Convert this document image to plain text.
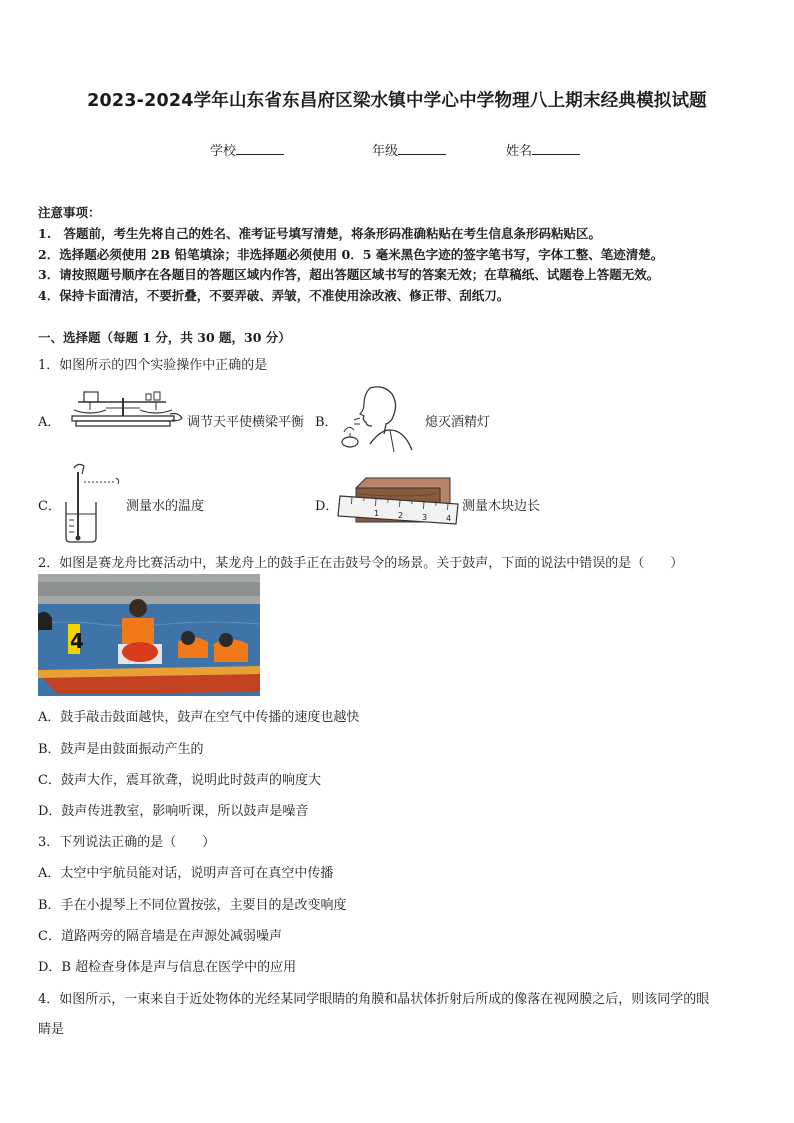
2023-2024学年山东省东昌府区梁水镇中学心中学物理八上期末经典模拟试题
学校	年级	姓名
注意事项：
1.　答题前，考生先将自己的姓名、准考证号填写清楚，将条形码准确粘贴在考生信息条形码粘贴区。
2．选择题必须使用 2B 铅笔填涂；非选择题必须使用 0．5 毫米黑色字迹的签字笔书写，字体工整、笔迹清楚。
3．请按照题号顺序在各题目的答题区域内作答，超出答题区域书写的答案无效；在草稿纸、试题卷上答题无效。
4．保持卡面清洁，不要折叠，不要弄破、弄皱，不准使用涂改液、修正带、刮纸刀。
一、选择题（每题 1 分，共 30 题，30 分）
1．如图所示的四个实验操作中正确的是
A．	调节天平使横梁平衡 B．	熄灭酒精灯
C．	测量水的温度	D．	1 2 3 4
测量木块边长
2．如图是赛龙舟比赛活动中，某龙舟上的鼓手正在击鼓号令的场景。关于鼓声，下面的说法中错误的是（　　）
4
A．鼓手敲击鼓面越快，鼓声在空气中传播的速度也越快
B．鼓声是由鼓面振动产生的
C．鼓声大作，震耳欲聋，说明此时鼓声的响度大
D．鼓声传进教室，影响听课，所以鼓声是噪音
3．下列说法正确的是（　　）
A．太空中宇航员能对话，说明声音可在真空中传播
B．手在小提琴上不同位置按弦，主要目的是改变响度
C．道路两旁的隔音墙是在声源处减弱噪声
D．B 超检查身体是声与信息在医学中的应用
4．如图所示，一束来自于近处物体的光经某同学眼睛的角膜和晶状体折射后所成的像落在视网膜之后，则该同学的眼
睛是
